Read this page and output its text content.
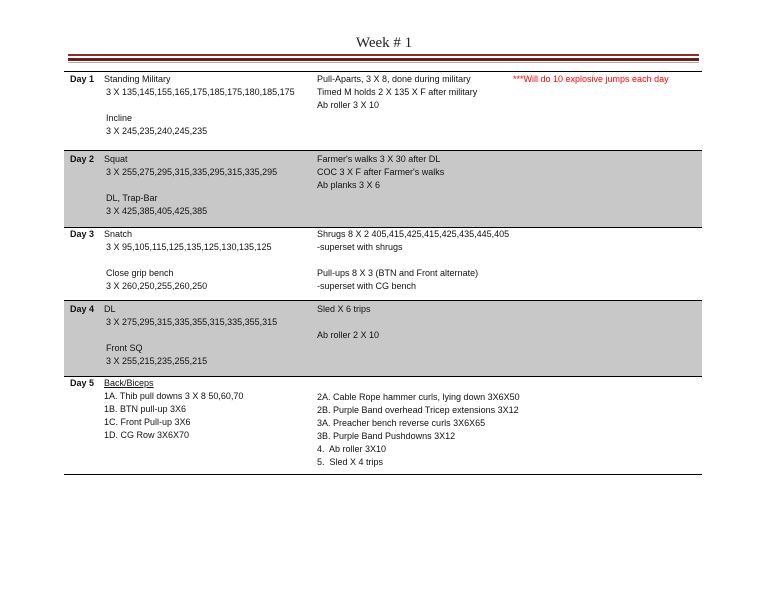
Week # 1
Day 1 Standing Military
3 X 135,145,155,165,175,185,175,180,185,175
Incline
3 X 245,235,240,245,235
Pull-Aparts, 3 X 8, done during military
Timed M holds 2 X 135 X F after military
Ab roller 3 X 10
***Will do 10 explosive jumps each day
Day 2 Squat
3 X 255,275,295,315,335,295,315,335,295
DL, Trap-Bar
3 X 425,385,405,425,385
Farmer's walks 3 X 30 after DL
COC 3 X F after Farmer's walks
Ab planks 3 X 6
Day 3 Snatch
3 X 95,105,115,125,135,125,130,135,125
Close grip bench
3 X 260,250,255,260,250
Shrugs 8 X 2 405,415,425,415,425,435,445,405
-superset with shrugs
Pull-ups 8 X 3 (BTN and Front alternate)
-superset with CG bench
Day 4 DL
3 X 275,295,315,335,355,315,335,355,315
Front SQ
3 X 255,215,235,255,215
Sled X 6 trips
Ab roller 2 X 10
Day 5 Back/Biceps
1A. Thib pull downs 3 X 8 50,60,70
1B. BTN pull-up 3X6
1C. Front Pull-up 3X6
1D. CG Row 3X6X70
2A. Cable Rope hammer curls, lying down 3X6X50
2B. Purple Band overhead Tricep extensions 3X12
3A. Preacher bench reverse curls 3X6X65
3B. Purple Band Pushdowns 3X12
4.  Ab roller 3X10
5.  Sled X 4 trips
